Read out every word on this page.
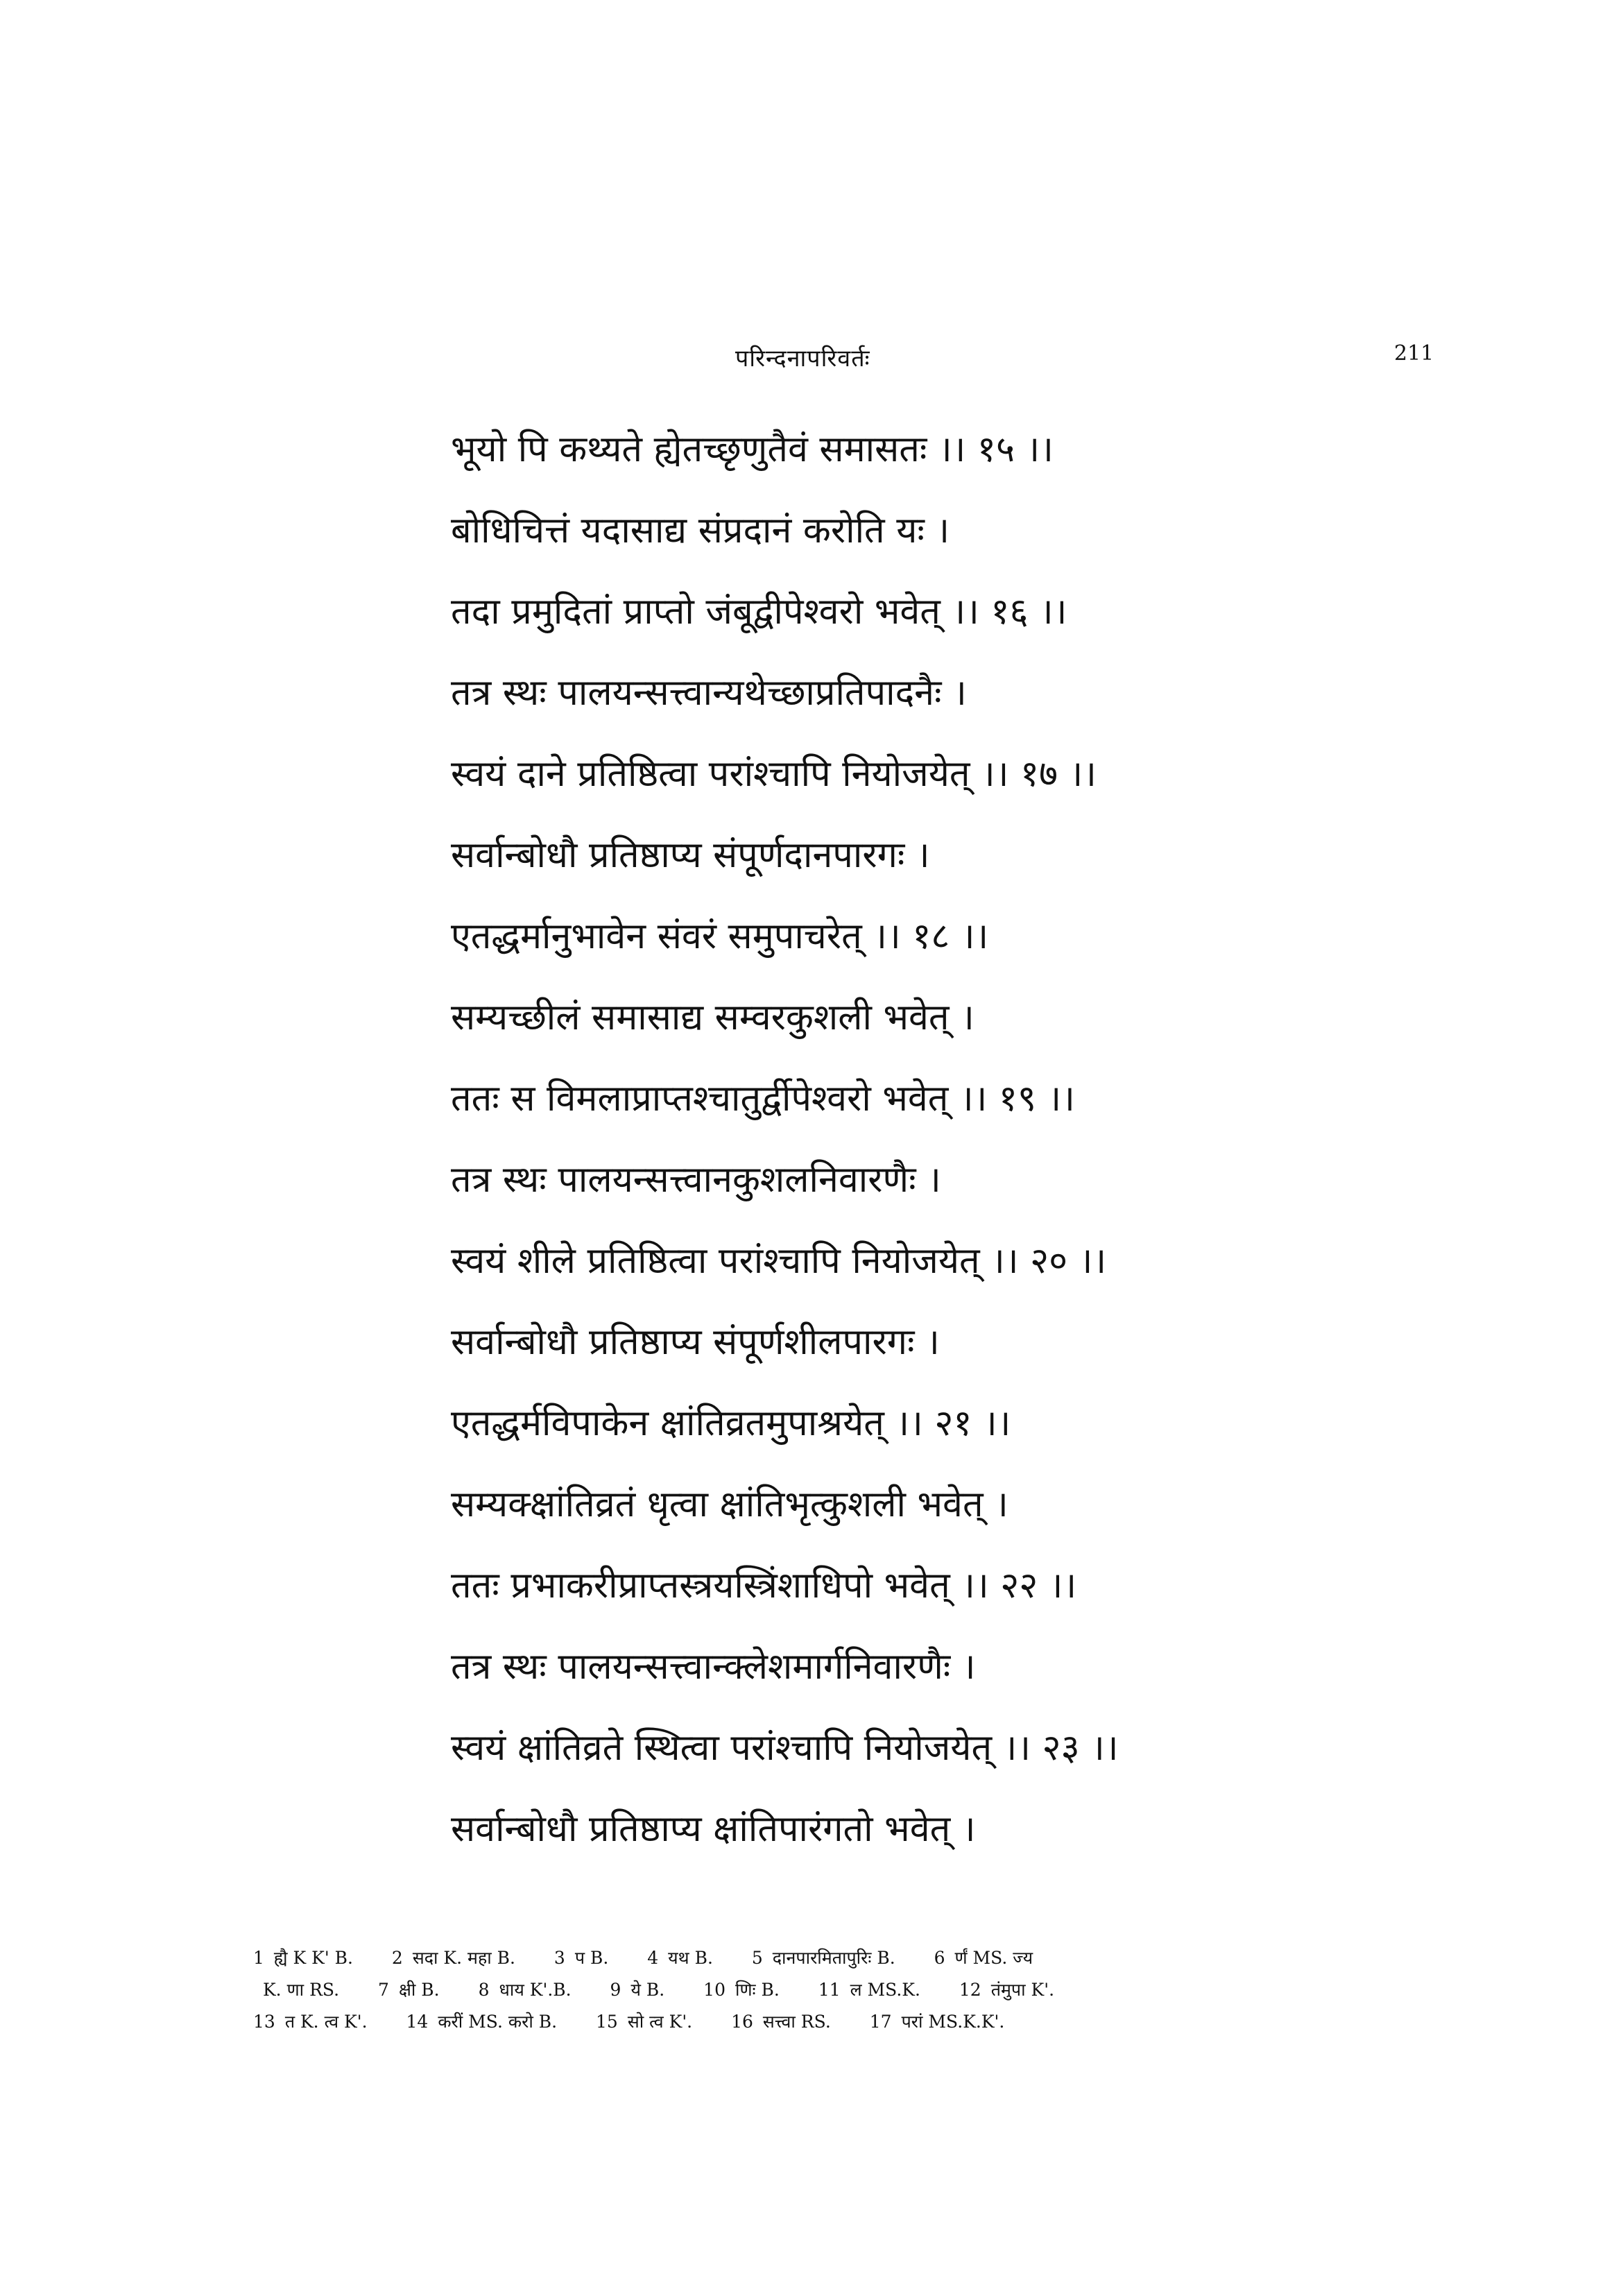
परिन्दनापरिवर्तः	211
भूयो पि कथ्यते ह्येतच्छृणुतैवं समासतः ।। १५ ।।
बोधिचित्तं यदासाद्य संप्रदानं करोति यः ।
तदा प्रमुदितां प्राप्तो जंबूद्वीपेश्वरो भवेत् ।। १६ ।।
तत्र स्थः पालयन्सत्त्वान्यथेच्छाप्रतिपादनैः ।
स्वयं दाने प्रतिष्ठित्वा परांश्चापि नियोजयेत् ।। १७ ।।
सर्वान्बोधौ प्रतिष्ठाप्य संपूर्णदानपारगः ।
एतद्धर्मानुभावेन संवरं समुपाचरेत् ।। १८ ।।
सम्यच्छीलं समासाद्य सम्वरकुशली भवेत् ।
ततः स विमलाप्राप्तश्चातुर्द्वीपेश्वरो भवेत् ।। १९ ।।
तत्र स्थः पालयन्सत्त्वानकुशलनिवारणैः ।
स्वयं शीले प्रतिष्ठित्वा परांश्चापि नियोजयेत् ।। २० ।।
सर्वान्बोधौ प्रतिष्ठाप्य संपूर्णशीलपारगः ।
एतद्धर्मविपाकेन क्षांतिव्रतमुपाश्रयेत् ।। २१ ।।
सम्यक्क्षांतिव्रतं धृत्वा क्षांतिभृत्कुशली भवेत् ।
ततः प्रभाकरीप्राप्तस्त्रयस्त्रिंशाधिपो भवेत् ।। २२ ।।
तत्र स्थः पालयन्सत्त्वान्क्लेशमार्गनिवारणैः ।
स्वयं क्षांतिव्रते स्थित्वा परांश्चापि नियोजयेत् ।। २३ ।।
सर्वान्बोधौ प्रतिष्ठाप्य क्षांतिपारंगतो भवेत् ।
1 ह्यै K K' B. 2 सदा K. महा B. 3 प B. 4 यथ B. 5 दानपारमितापुरिः B. 6 र्णं MS. ज्य
K. णा RS. 7 क्षी B. 8 धाय K'.B. 9 ये B. 10 णिः B. 11 ल MS.K. 12 तंमुपा K'.
13 त K. त्व K'. 14 करीं MS. करो B. 15 सो त्व K'. 16 सत्त्वा RS. 17 परां MS.K.K'.
